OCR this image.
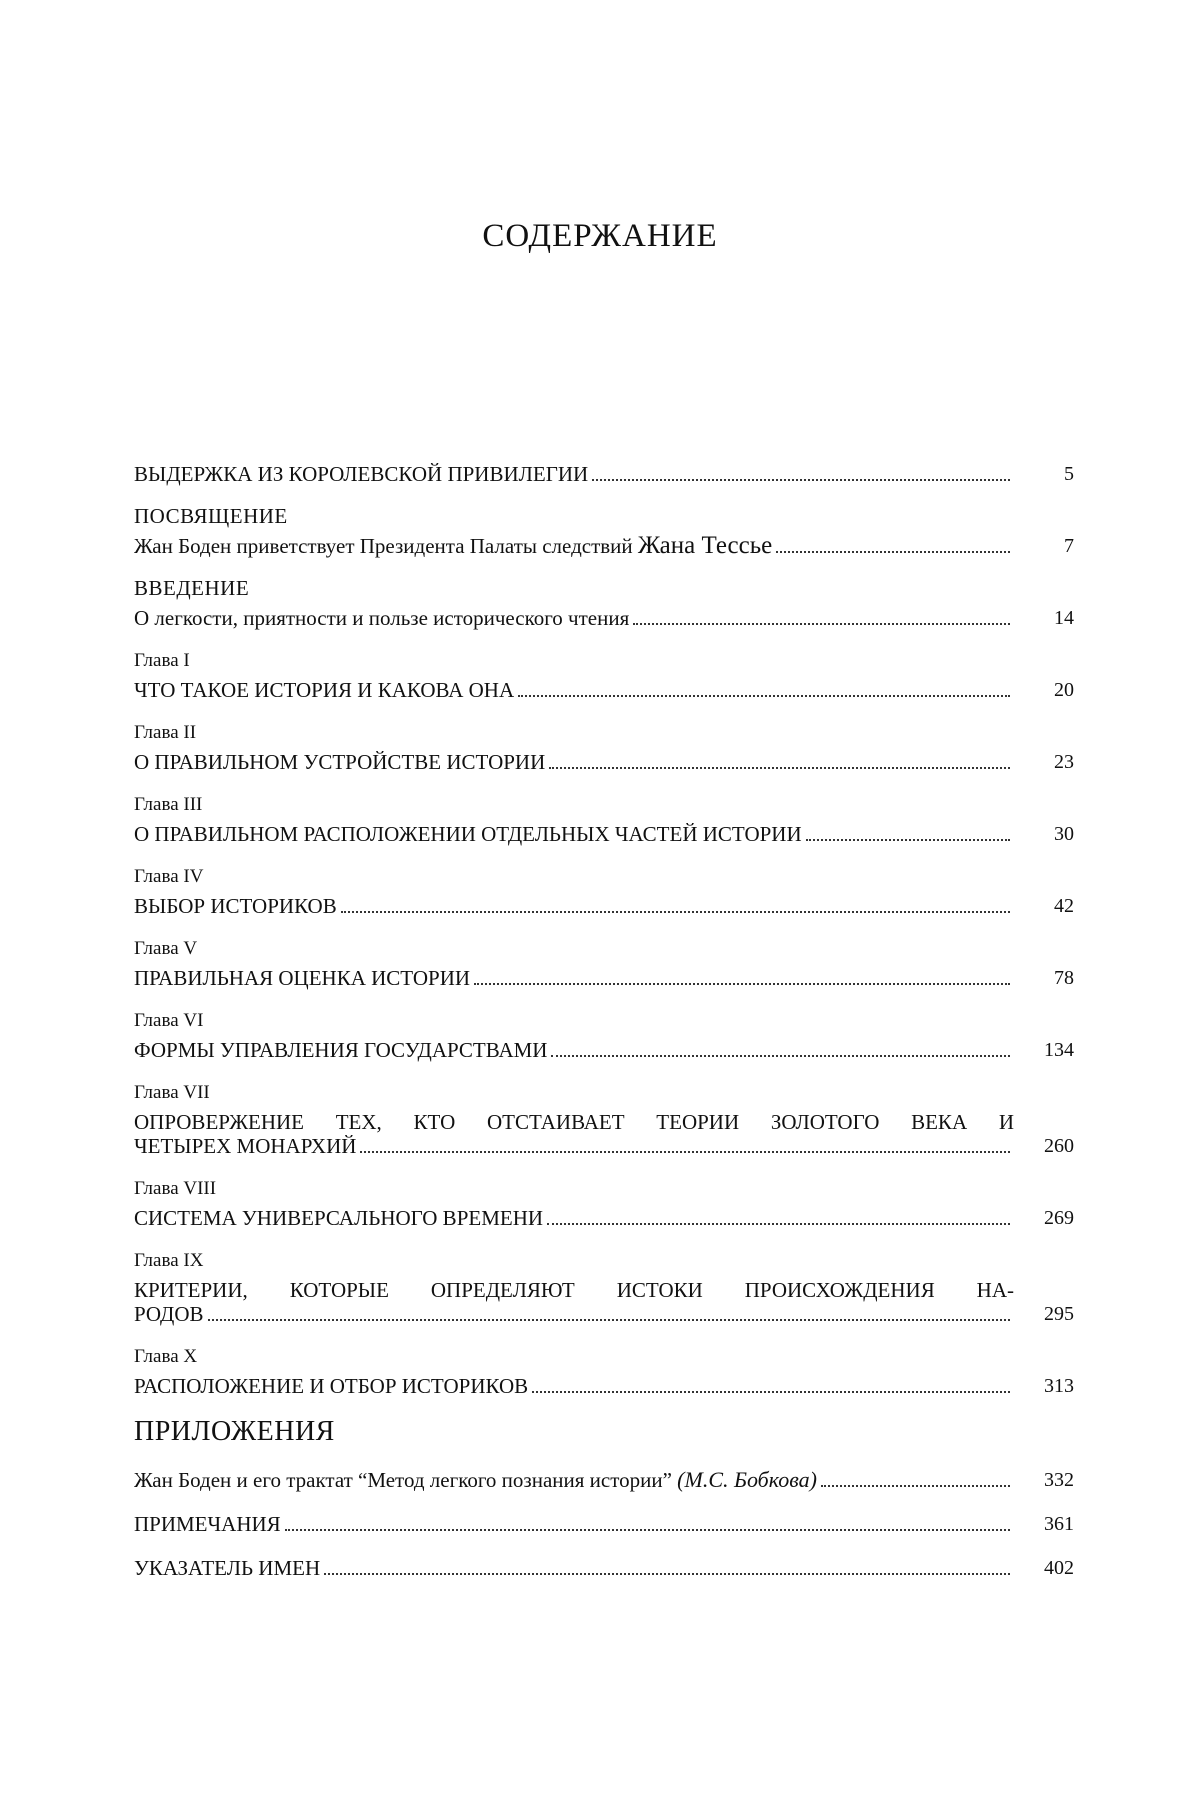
СОДЕРЖАНИЕ
ВЫДЕРЖКА ИЗ КОРОЛЕВСКОЙ ПРИВИЛЕГИИ	5
ПОСВЯЩЕНИЕ
Жан Боден приветствует Президента Палаты следствий Жана Тессье	7
ВВЕДЕНИЕ
О легкости, приятности и пользе исторического чтения	14
Глава I
ЧТО ТАКОЕ ИСТОРИЯ И КАКОВА ОНА	20
Глава II
О ПРАВИЛЬНОМ УСТРОЙСТВЕ ИСТОРИИ	23
Глава III
О ПРАВИЛЬНОМ РАСПОЛОЖЕНИИ ОТДЕЛЬНЫХ ЧАСТЕЙ ИСТОРИИ	30
Глава IV
ВЫБОР ИСТОРИКОВ	42
Глава V
ПРАВИЛЬНАЯ ОЦЕНКА ИСТОРИИ	78
Глава VI
ФОРМЫ УПРАВЛЕНИЯ ГОСУДАРСТВАМИ	134
Глава VII
ОПРОВЕРЖЕНИЕ ТЕХ, КТО ОТСТАИВАЕТ ТЕОРИИ ЗОЛОТОГО ВЕКА И
ЧЕТЫРЕХ МОНАРХИЙ	260
Глава VIII
СИСТЕМА УНИВЕРСАЛЬНОГО ВРЕМЕНИ	269
Глава IX
КРИТЕРИИ, КОТОРЫЕ ОПРЕДЕЛЯЮТ ИСТОКИ ПРОИСХОЖДЕНИЯ НА-
РОДОВ	295
Глава X
РАСПОЛОЖЕНИЕ И ОТБОР ИСТОРИКОВ	313
ПРИЛОЖЕНИЯ
Жан Боден и его трактат “Метод легкого познания истории” (М.С. Бобкова)	332
ПРИМЕЧАНИЯ	361
УКАЗАТЕЛЬ ИМЕН	402
